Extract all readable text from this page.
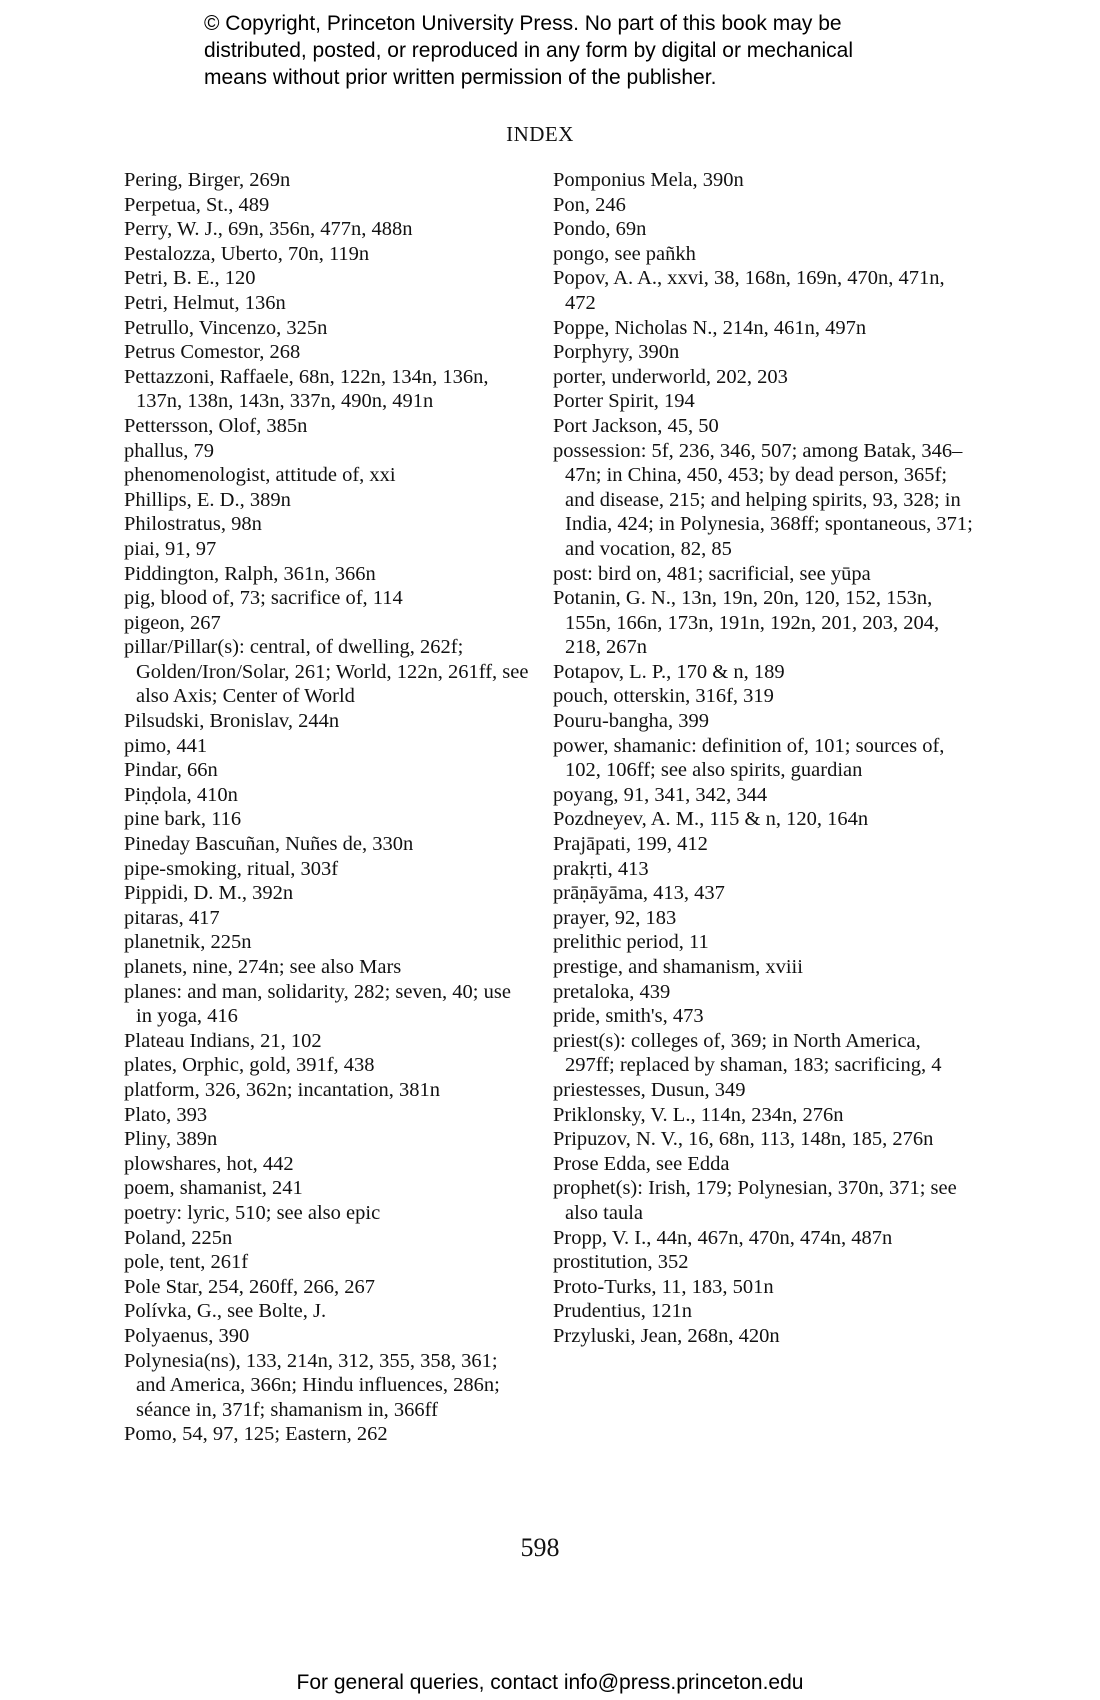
© Copyright, Princeton University Press. No part of this book may be
distributed, posted, or reproduced in any form by digital or mechanical
means without prior written permission of the publisher.
INDEX

Pering, Birger, 269n

Perpetua, St., 489

Perry, W. J., 69n, 356n, 477n, 488n

Pestalozza, Uberto, 70n, 119n

Petri, B. E., 120

Petri, Helmut, 136n

Petrullo, Vincenzo, 325n

Petrus Comestor, 268

Pettazzoni, Raffaele, 68n, 122n, 134n, 136n, 137n, 138n, 143n, 337n, 490n, 491n

Pettersson, Olof, 385n

phallus, 79

phenomenologist, attitude of, xxi

Phillips, E. D., 389n

Philostratus, 98n

piai, 91, 97

Piddington, Ralph, 361n, 366n

pig, blood of, 73; sacrifice of, 114

pigeon, 267

pillar/Pillar(s): central, of dwelling, 262f; Golden/Iron/Solar, 261; World, 122n, 261ff, see also Axis; Center of World

Pilsudski, Bronislav, 244n

pimo, 441

Pindar, 66n

Piṇḍola, 410n

pine bark, 116

Pineday Bascuñan, Nuñes de, 330n

pipe-smoking, ritual, 303f

Pippidi, D. M., 392n

pitaras, 417

planetnik, 225n

planets, nine, 274n; see also Mars

planes: and man, solidarity, 282; seven, 40; use in yoga, 416

Plateau Indians, 21, 102

plates, Orphic, gold, 391f, 438

platform, 326, 362n; incantation, 381n

Plato, 393

Pliny, 389n

plowshares, hot, 442

poem, shamanist, 241

poetry: lyric, 510; see also epic

Poland, 225n

pole, tent, 261f

Pole Star, 254, 260ff, 266, 267

Polívka, G., see Bolte, J.

Polyaenus, 390

Polynesia(ns), 133, 214n, 312, 355, 358, 361; and America, 366n; Hindu influences, 286n; séance in, 371f; shamanism in, 366ff

Pomo, 54, 97, 125; Eastern, 262

Pomponius Mela, 390n

Pon, 246

Pondo, 69n

pongo, see pañkh

Popov, A. A., xxvi, 38, 168n, 169n, 470n, 471n, 472

Poppe, Nicholas N., 214n, 461n, 497n

Porphyry, 390n

porter, underworld, 202, 203

Porter Spirit, 194

Port Jackson, 45, 50

possession: 5f, 236, 346, 507; among Batak, 346–47n; in China, 450, 453; by dead person, 365f; and disease, 215; and helping spirits, 93, 328; in India, 424; in Polynesia, 368ff; spontaneous, 371; and vocation, 82, 85

post: bird on, 481; sacrificial, see yūpa

Potanin, G. N., 13n, 19n, 20n, 120, 152, 153n, 155n, 166n, 173n, 191n, 192n, 201, 203, 204, 218, 267n

Potapov, L. P., 170 & n, 189

pouch, otterskin, 316f, 319

Pouru-bangha, 399

power, shamanic: definition of, 101; sources of, 102, 106ff; see also spirits, guardian

poyang, 91, 341, 342, 344

Pozdneyev, A. M., 115 & n, 120, 164n

Prajāpati, 199, 412

prakṛti, 413

prāṇāyāma, 413, 437

prayer, 92, 183

prelithic period, 11

prestige, and shamanism, xviii

pretaloka, 439

pride, smith's, 473

priest(s): colleges of, 369; in North America, 297ff; replaced by shaman, 183; sacrificing, 4

priestesses, Dusun, 349

Priklonsky, V. L., 114n, 234n, 276n

Pripuzov, N. V., 16, 68n, 113, 148n, 185, 276n

Prose Edda, see Edda

prophet(s): Irish, 179; Polynesian, 370n, 371; see also taula

Propp, V. I., 44n, 467n, 470n, 474n, 487n

prostitution, 352

Proto-Turks, 11, 183, 501n

Prudentius, 121n

Przyluski, Jean, 268n, 420n

598
For general queries, contact info@press.princeton.edu
